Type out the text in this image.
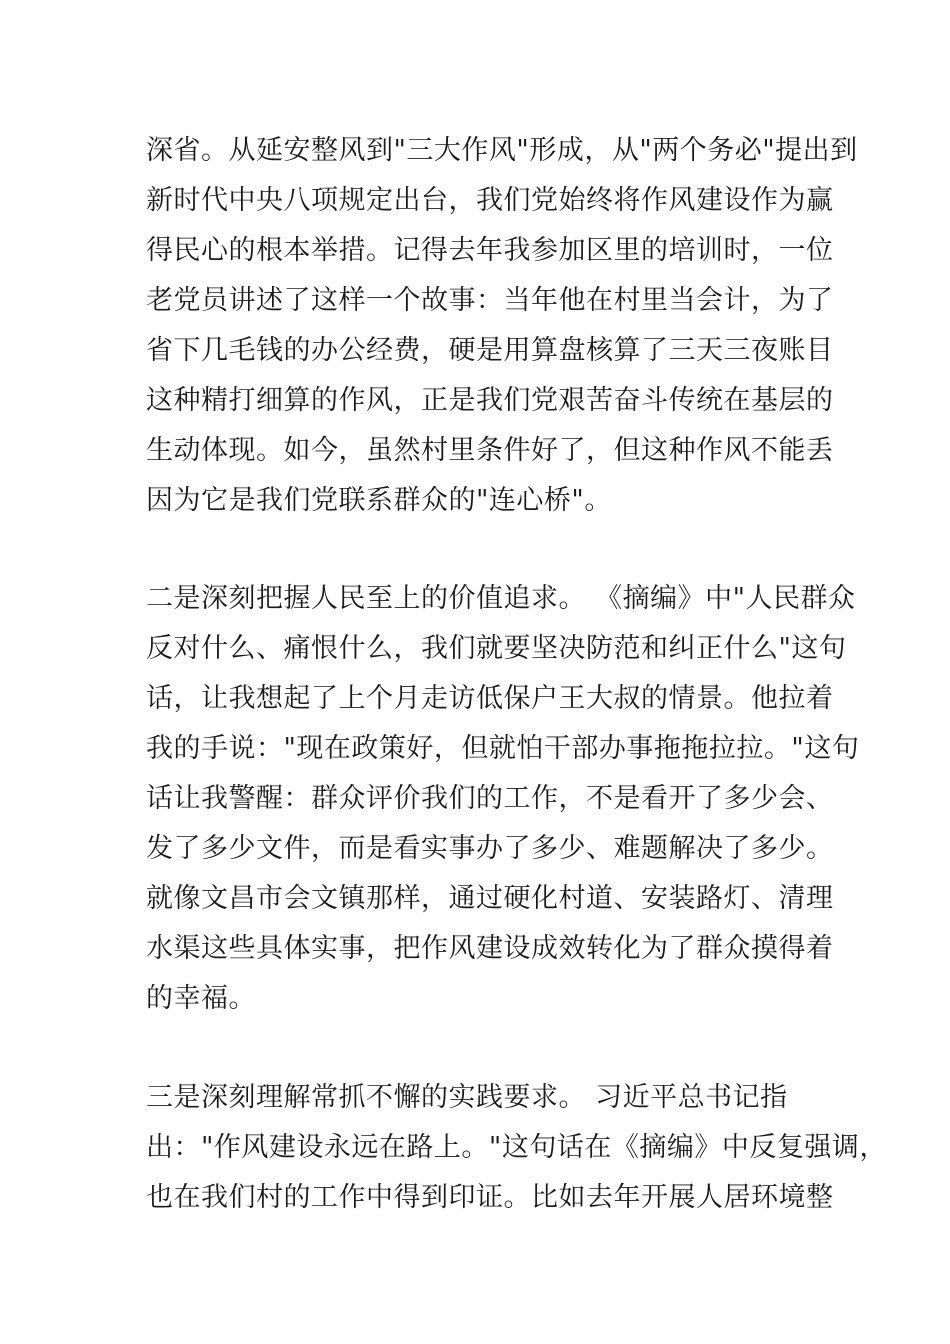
深省。从延安整风到"三大作风"形成，从"两个务必"提出到
新时代中央八项规定出台，我们党始终将作风建设作为赢
得民心的根本举措。记得去年我参加区里的培训时，一位
老党员讲述了这样一个故事：当年他在村里当会计，为了
省下几毛钱的办公经费，硬是用算盘核算了三天三夜账目
这种精打细算的作风，正是我们党艰苦奋斗传统在基层的
生动体现。如今，虽然村里条件好了，但这种作风不能丢
因为它是我们党联系群众的"连心桥"。
二是深刻把握人民至上的价值追求。 《摘编》中"人民群众
反对什么、痛恨什么，我们就要坚决防范和纠正什么"这句
话，让我想起了上个月走访低保户王大叔的情景。他拉着
我的手说："现在政策好，但就怕干部办事拖拖拉拉。"这句
话让我警醒：群众评价我们的工作，不是看开了多少会、
发了多少文件，而是看实事办了多少、难题解决了多少。
就像文昌市会文镇那样，通过硬化村道、安装路灯、清理
水渠这些具体实事，把作风建设成效转化为了群众摸得着
的幸福。
三是深刻理解常抓不懈的实践要求。 习近平总书记指
出："作风建设永远在路上。"这句话在《摘编》中反复强调，
也在我们村的工作中得到印证。比如去年开展人居环境整
